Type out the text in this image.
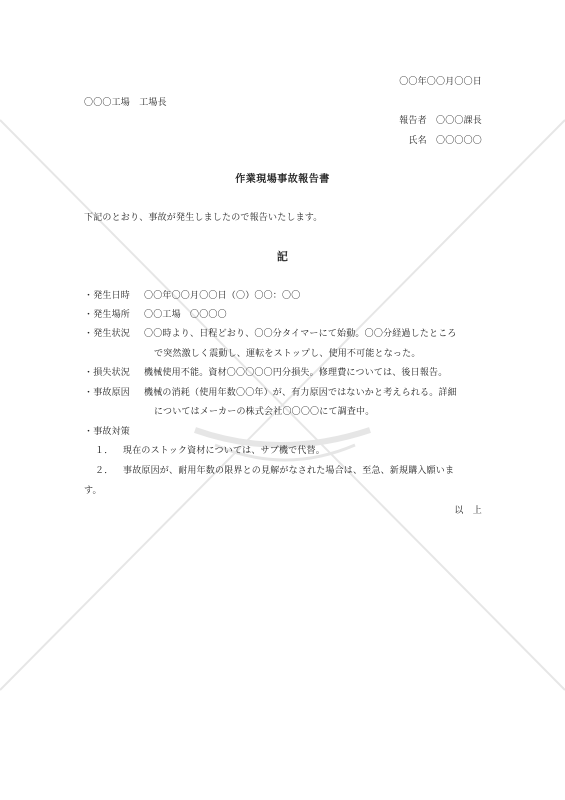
〇〇年〇〇月〇〇日
〇〇〇工場　工場長
報告者　〇〇〇課長
氏名　〇〇〇〇〇
作業現場事故報告書
下記のとおり、事故が発生しましたので報告いたします。
記
・発生日時 〇〇年〇〇月〇〇日（〇）〇〇：〇〇
・発生場所 〇〇工場　〇〇〇〇
・発生状況 〇〇時より、日程どおり、〇〇分タイマーにて始動。〇〇分経過したところ
で突然激しく震動し、運転をストップし、使用不可能となった。
・損失状況 機械使用不能。資材〇〇〇〇〇円分損失。修理費については、後日報告。
・事故原因 機械の消耗（使用年数〇〇年）が、有力原因ではないかと考えられる。詳細
についてはメーカーの株式会社〇〇〇〇にて調査中。
・事故対策
１． 現在のストック資材については、サブ機で代替。
２． 事故原因が、耐用年数の限界との見解がなされた場合は、至急、新規購入願いま
す。
以　上
